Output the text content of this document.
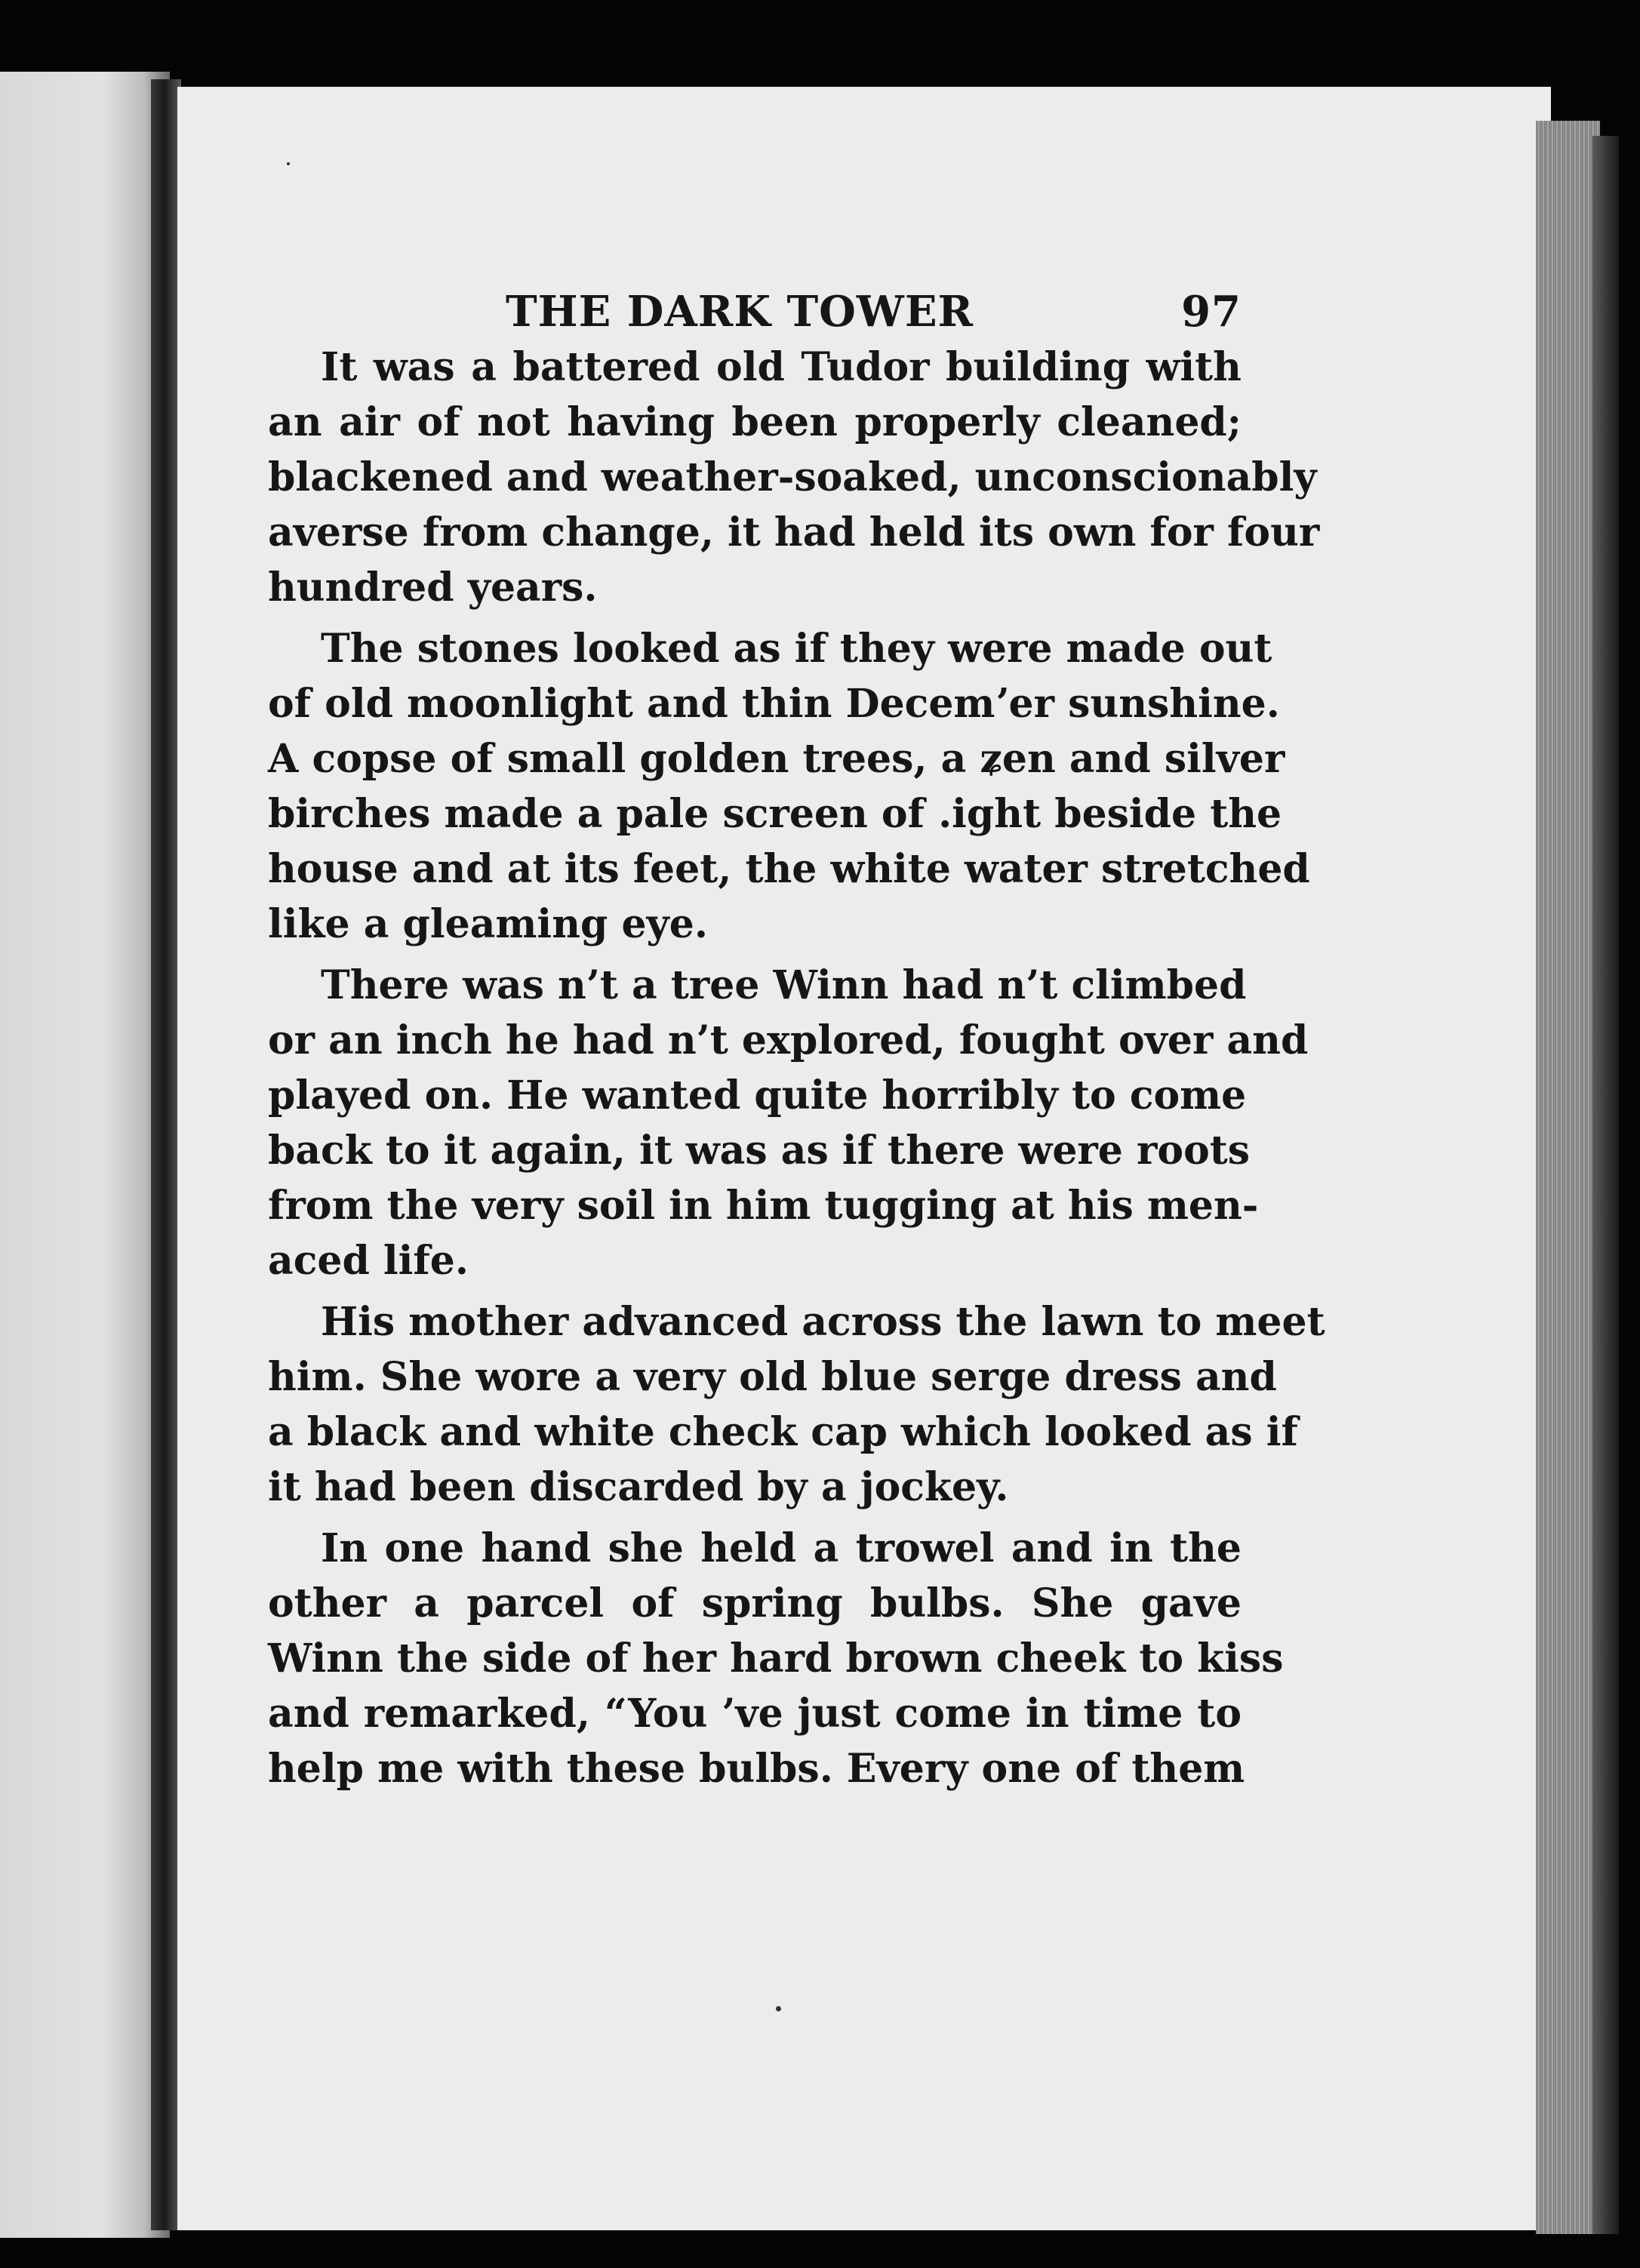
THE DARK TOWER	97

It was a battered old Tudor building with
an air of not having been properly cleaned;
blackened and weather-soaked, unconscionably
averse from change, it had held its own for four
hundred years.

The stones looked as if they were made out
of old moonlight and thin Decemʼer sunshine.
A copse of small golden trees, a ʑen and silver
birches made a pale screen of .ight beside the
house and at its feet, the white water stretched
like a gleaming eye.

There was n’t a tree Winn had n’t climbed
or an inch he had n’t explored, fought over and
played on. He wanted quite horribly to come
back to it again, it was as if there were roots
from the very soil in him tugging at his men-
aced life.

His mother advanced across the lawn to meet
him. She wore a very old blue serge dress and
a black and white check cap which looked as if
it had been discarded by a jockey.

In one hand she held a trowel and in the
other a parcel of spring bulbs. She gave
Winn the side of her hard brown cheek to kiss
and remarked, “You ’ve just come in time to
help me with these bulbs. Every one of them
